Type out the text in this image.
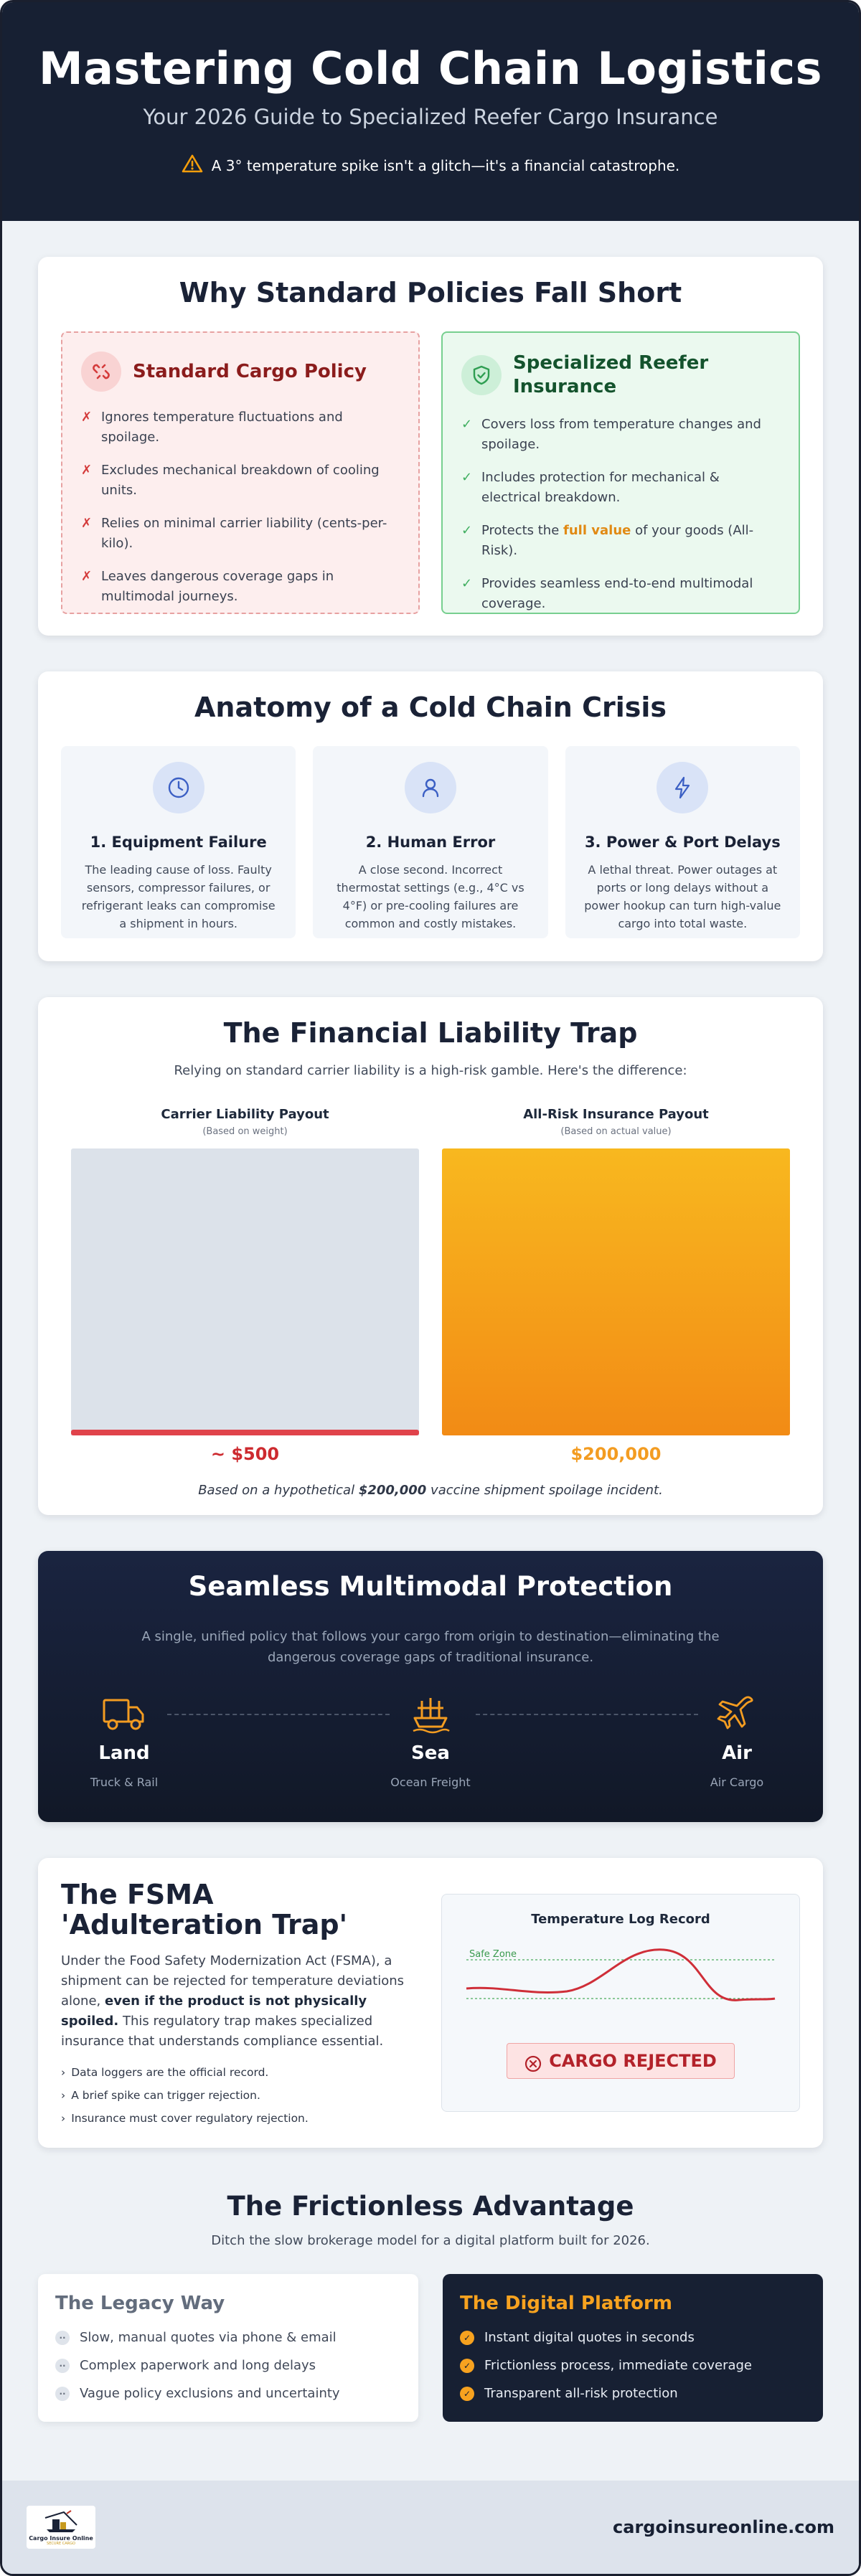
Mastering Cold Chain Logistics
Your 2026 Guide to Specialized Reefer Cargo Insurance
A 3° temperature spike isn't a glitch—it's a financial catastrophe.
Why Standard Policies Fall Short
Standard Cargo Policy
✗ Ignores temperature fluctuations and spoilage.
✗ Excludes mechanical breakdown of cooling units.
✗ Relies on minimal carrier liability (cents-per-kilo).
✗ Leaves dangerous coverage gaps in multimodal journeys.
Specialized Reefer Insurance
✓ Covers loss from temperature changes and spoilage.
✓ Includes protection for mechanical & electrical breakdown.
✓ Protects the full value of your goods (All-Risk).
✓ Provides seamless end-to-end multimodal coverage.
Anatomy of a Cold Chain Crisis
1. Equipment Failure

The leading cause of loss. Faulty sensors, compressor failures, or refrigerant leaks can compromise a shipment in hours.

2. Human Error

A close second. Incorrect thermostat settings (e.g., 4°C vs 4°F) or pre-cooling failures are common and costly mistakes.

3. Power & Port Delays

A lethal threat. Power outages at ports or long delays without a power hookup can turn high-value cargo into total waste.

The Financial Liability Trap
Relying on standard carrier liability is a high-risk gamble. Here's the difference:
Carrier Liability Payout
(Based on weight)
~ $500
All-Risk Insurance Payout
(Based on actual value)
$200,000
Based on a hypothetical $200,000 vaccine shipment spoilage incident.
Seamless Multimodal Protection
A single, unified policy that follows your cargo from origin to destination—eliminating the dangerous coverage gaps of traditional insurance.
Land
Truck & Rail
Sea
Ocean Freight
Air
Air Cargo
The FSMA 'Adulteration Trap'
Under the Food Safety Modernization Act (FSMA), a shipment can be rejected for temperature deviations alone, even if the product is not physically spoiled. This regulatory trap makes specialized insurance that understands compliance essential.
› Data loggers are the official record.
› A brief spike can trigger rejection.
› Insurance must cover regulatory rejection.
Temperature Log Record
Safe Zone
CARGO REJECTED
The Frictionless Advantage
Ditch the slow brokerage model for a digital platform built for 2026.
The Legacy Way
··	Slow, manual quotes via phone & email
··	Complex paperwork and long delays
··	Vague policy exclusions and uncertainty
The Digital Platform
✓ Instant digital quotes in seconds
✓ Frictionless process, immediate coverage
✓ Transparent all-risk protection
Cargo Insure Online
SECURE CARGO
cargoinsureonline.com
